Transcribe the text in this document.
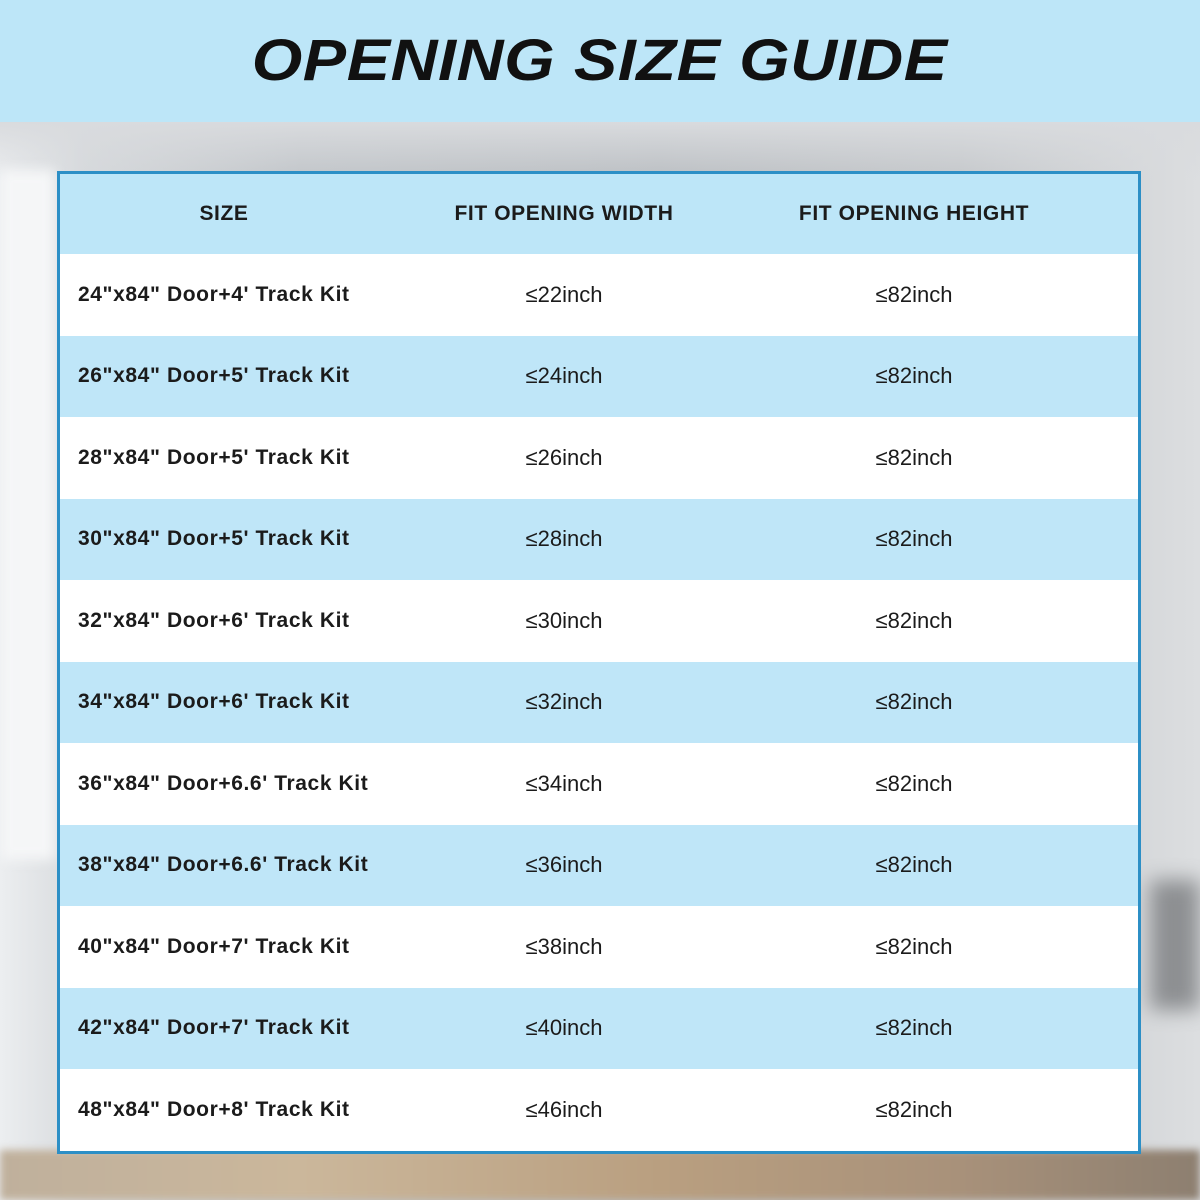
OPENING SIZE GUIDE
SIZE	FIT OPENING WIDTH	FIT OPENING HEIGHT
24"x84" Door+4' Track Kit	≤22inch	≤82inch
26"x84" Door+5' Track Kit	≤24inch	≤82inch
28"x84" Door+5' Track Kit	≤26inch	≤82inch
30"x84" Door+5' Track Kit	≤28inch	≤82inch
32"x84" Door+6' Track Kit	≤30inch	≤82inch
34"x84" Door+6' Track Kit	≤32inch	≤82inch
36"x84" Door+6.6' Track Kit	≤34inch	≤82inch
38"x84" Door+6.6' Track Kit	≤36inch	≤82inch
40"x84" Door+7' Track Kit	≤38inch	≤82inch
42"x84" Door+7' Track Kit	≤40inch	≤82inch
48"x84" Door+8' Track Kit	≤46inch	≤82inch
